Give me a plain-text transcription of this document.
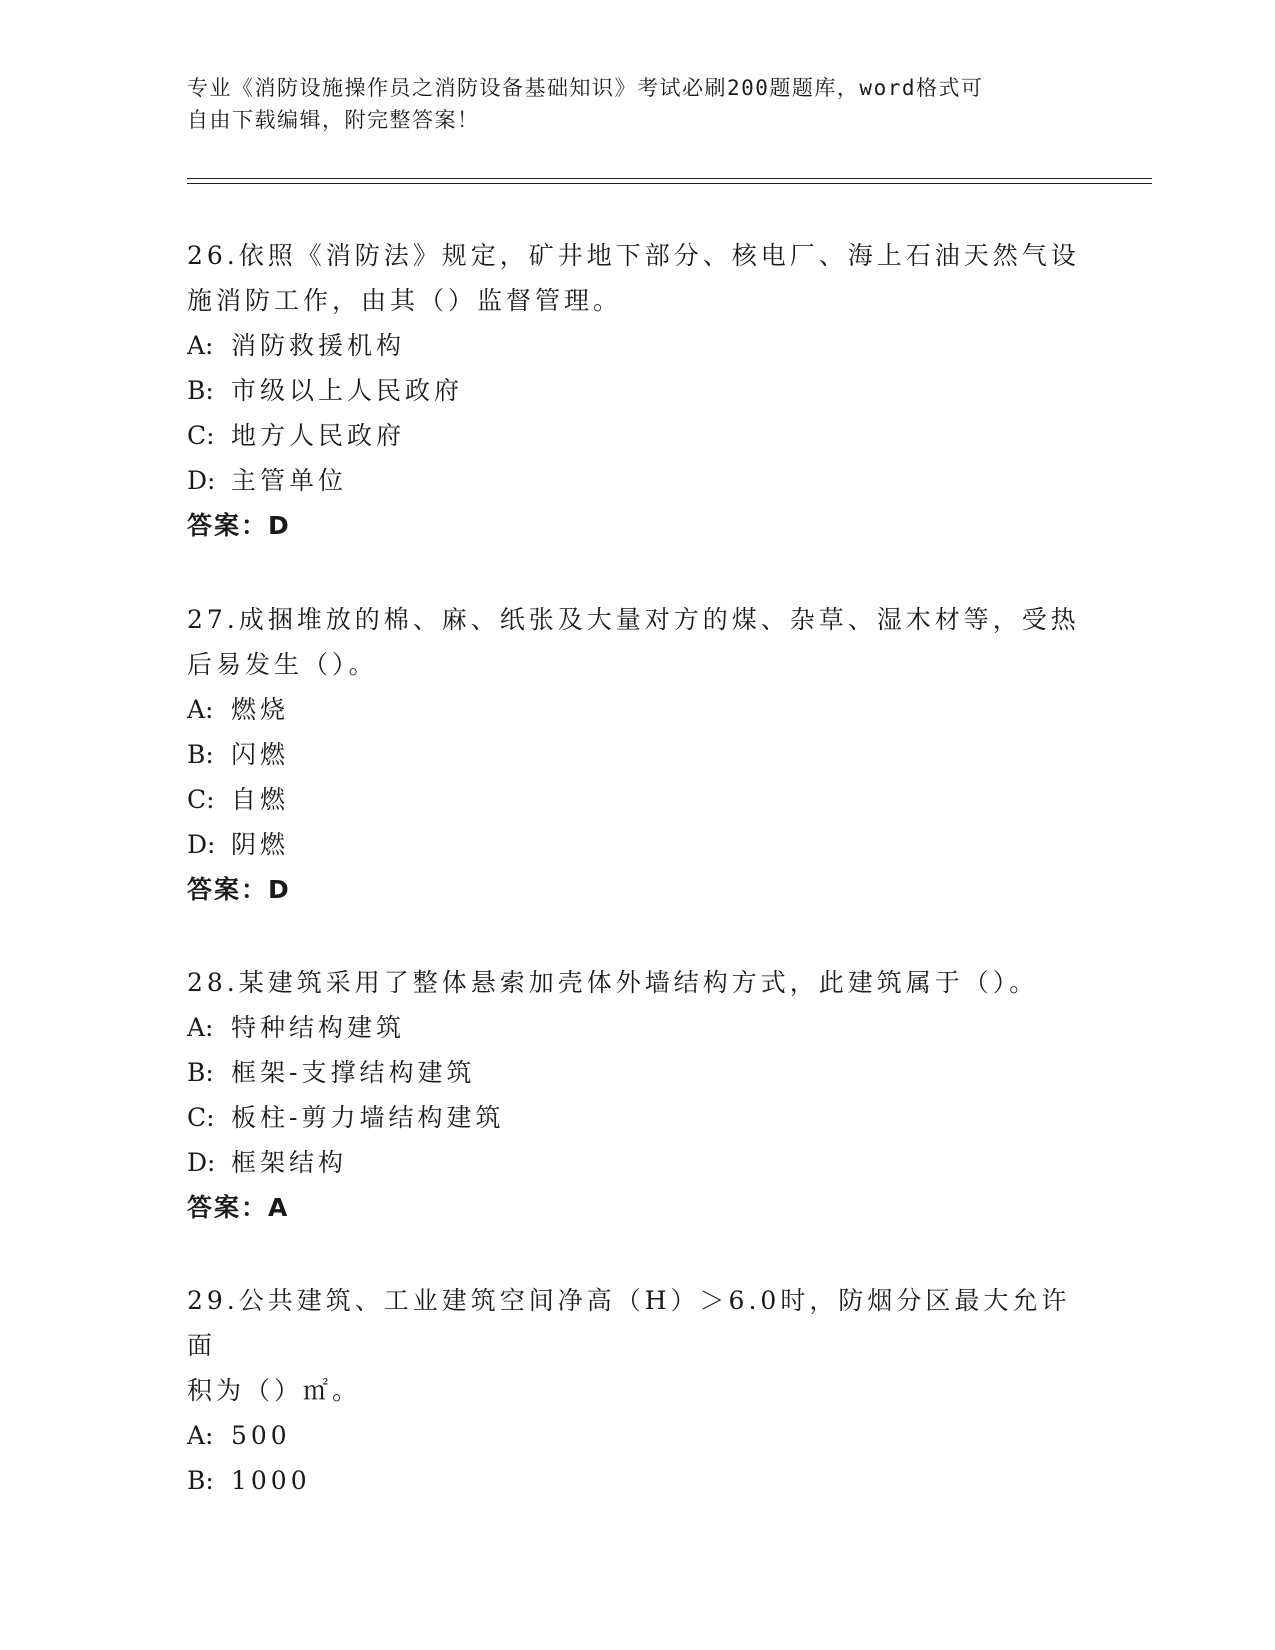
专业《消防设施操作员之消防设备基础知识》考试必刷200题题库，word格式可
自由下载编辑，附完整答案！

26.依照《消防法》规定，矿井地下部分、核电厂、海上石油天然气设

施消防工作，由其（）监督管理。

A: 消防救援机构

B: 市级以上人民政府

C: 地方人民政府

D: 主管单位

答案：D

27.成捆堆放的棉、麻、纸张及大量对方的煤、杂草、湿木材等，受热

后易发生（）。

A: 燃烧

B: 闪燃

C: 自燃

D: 阴燃

答案：D

28.某建筑采用了整体悬索加壳体外墙结构方式，此建筑属于（）。

A: 特种结构建筑

B: 框架-支撑结构建筑

C: 板柱-剪力墙结构建筑

D: 框架结构

答案：A

29.公共建筑、工业建筑空间净高（H）＞6.0时，防烟分区最大允许面

积为（）㎡。

A: 500

B: 1000
